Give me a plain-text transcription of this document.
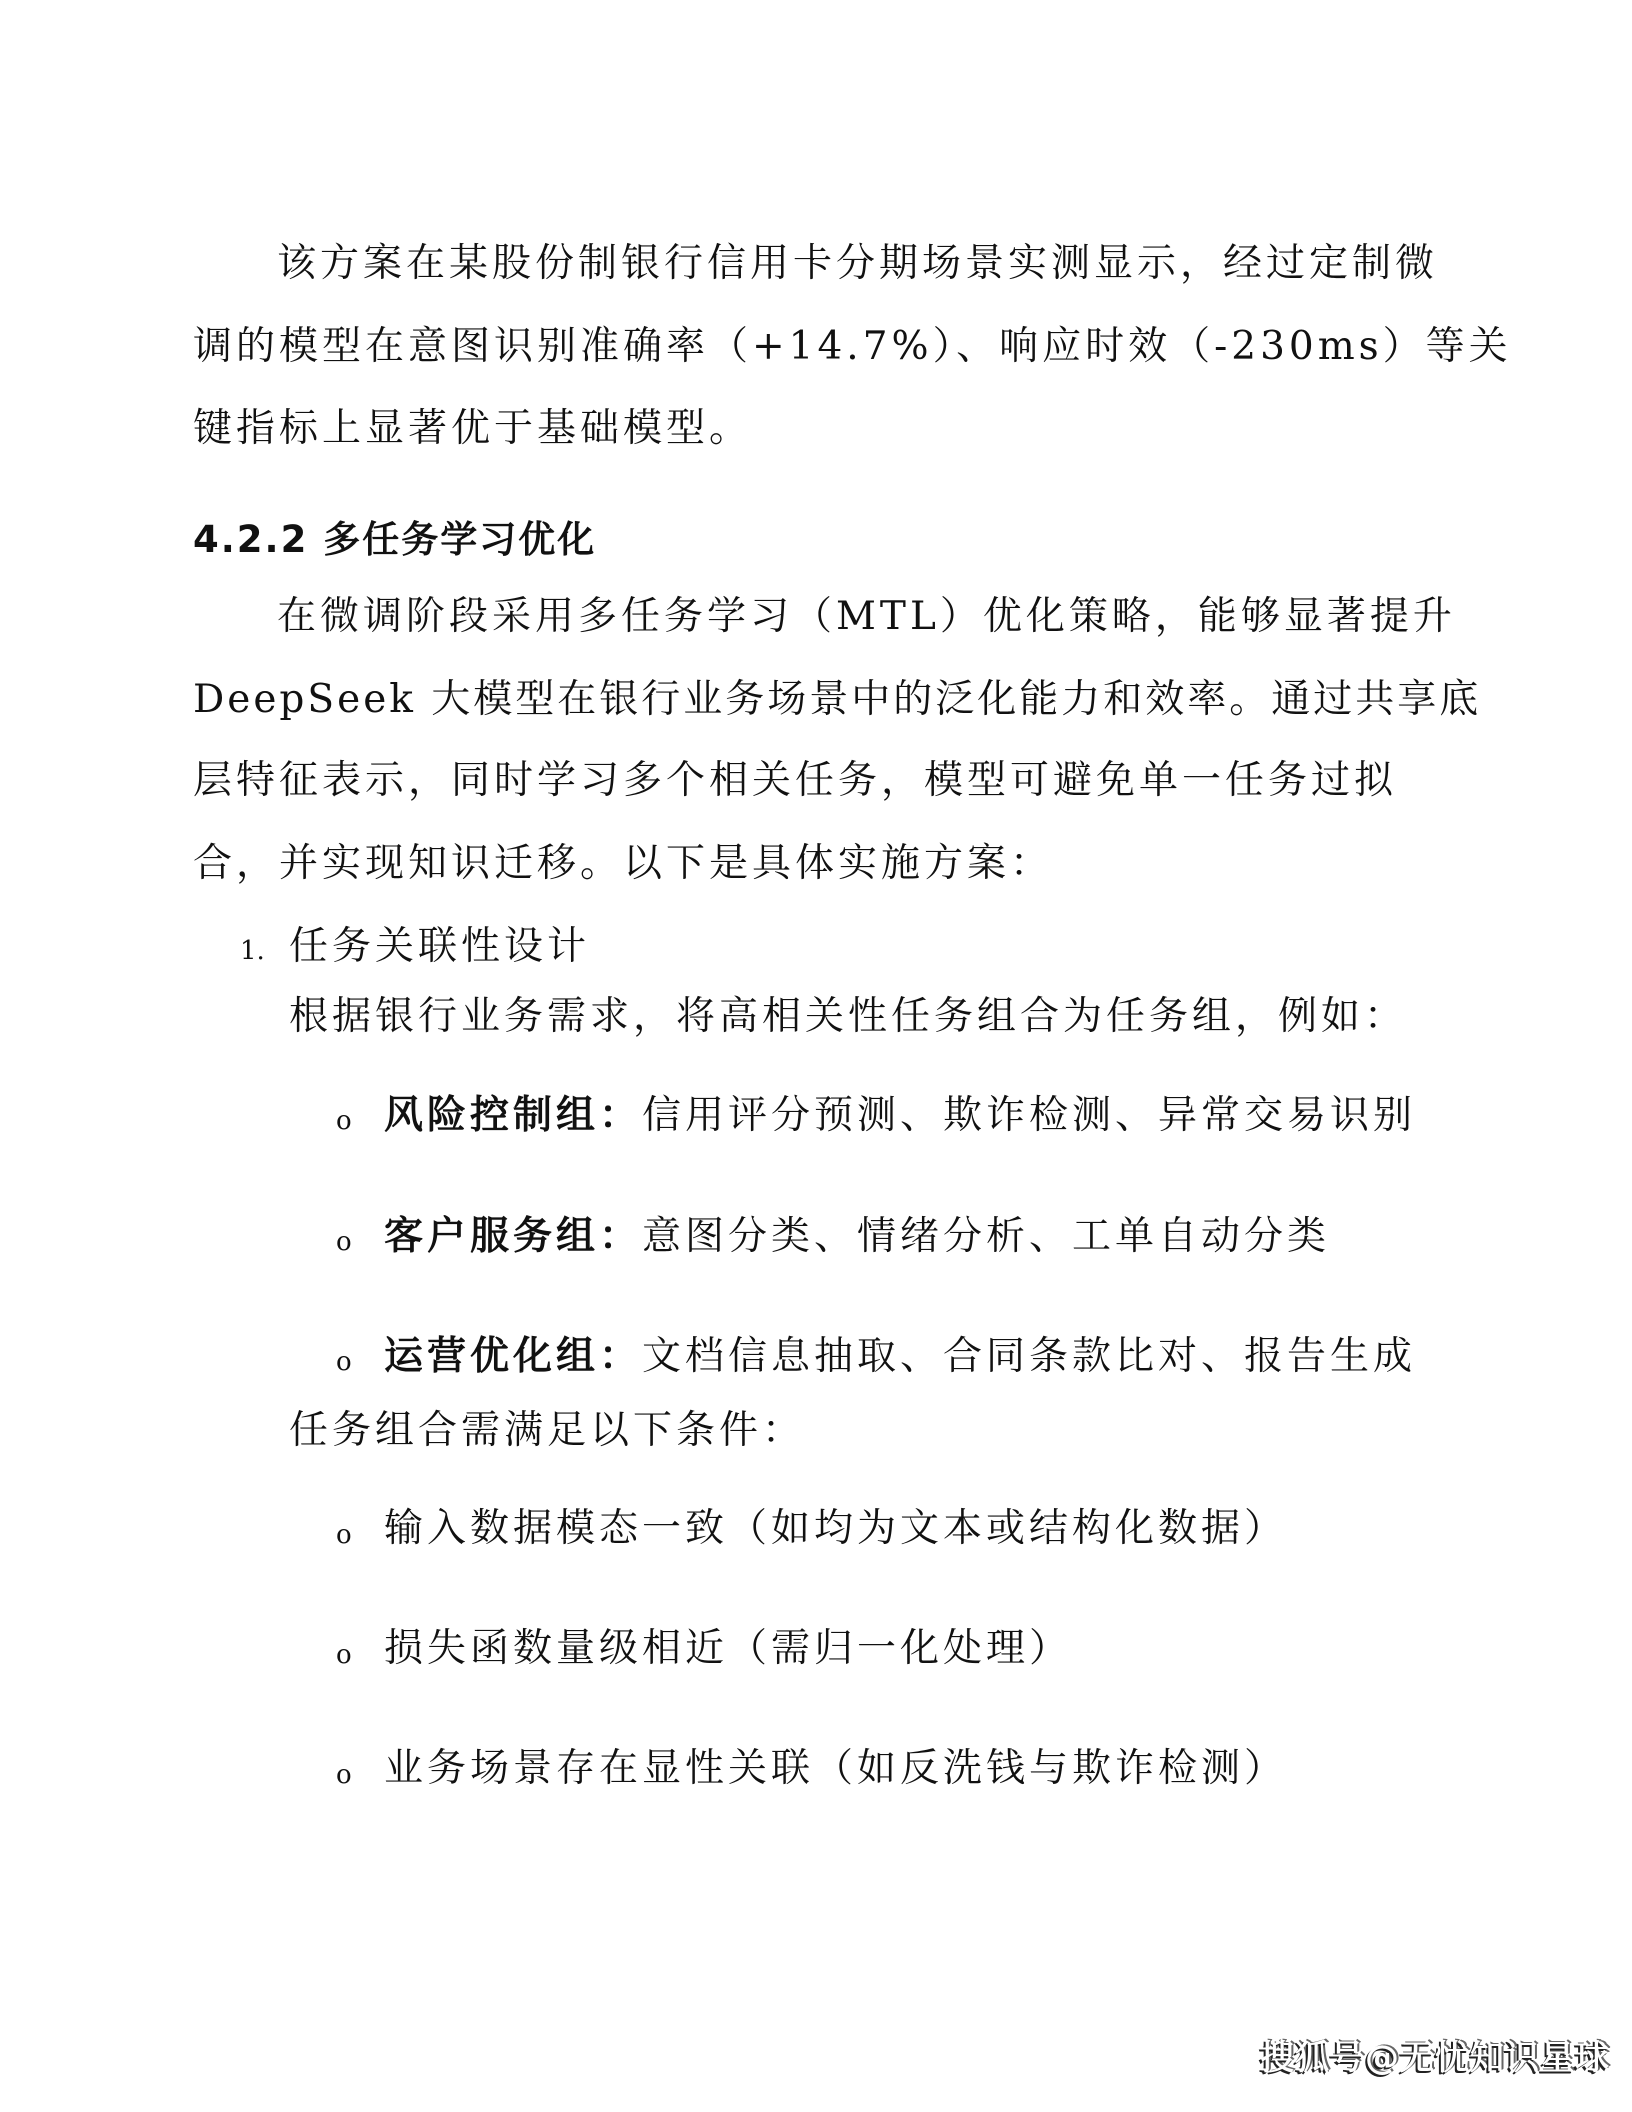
该方案在某股份制银行信用卡分期场景实测显示，经过定制微
调的模型在意图识别准确率（+14.7%）、响应时效（-230ms）等关
键指标上显著优于基础模型。
4.2.2 多任务学习优化
在微调阶段采用多任务学习（MTL）优化策略，能够显著提升
DeepSeek 大模型在银行业务场景中的泛化能力和效率。通过共享底
层特征表示，同时学习多个相关任务，模型可避免单一任务过拟
合，并实现知识迁移。以下是具体实施方案：
1. 任务关联性设计
根据银行业务需求，将高相关性任务组合为任务组，例如：
o 风险控制组：信用评分预测、欺诈检测、异常交易识别
o 客户服务组：意图分类、情绪分析、工单自动分类
o 运营优化组：文档信息抽取、合同条款比对、报告生成
任务组合需满足以下条件：
o 输入数据模态一致（如均为文本或结构化数据）
o 损失函数量级相近（需归一化处理）
o 业务场景存在显性关联（如反洗钱与欺诈检测）
搜狐号@无忧知识星球
